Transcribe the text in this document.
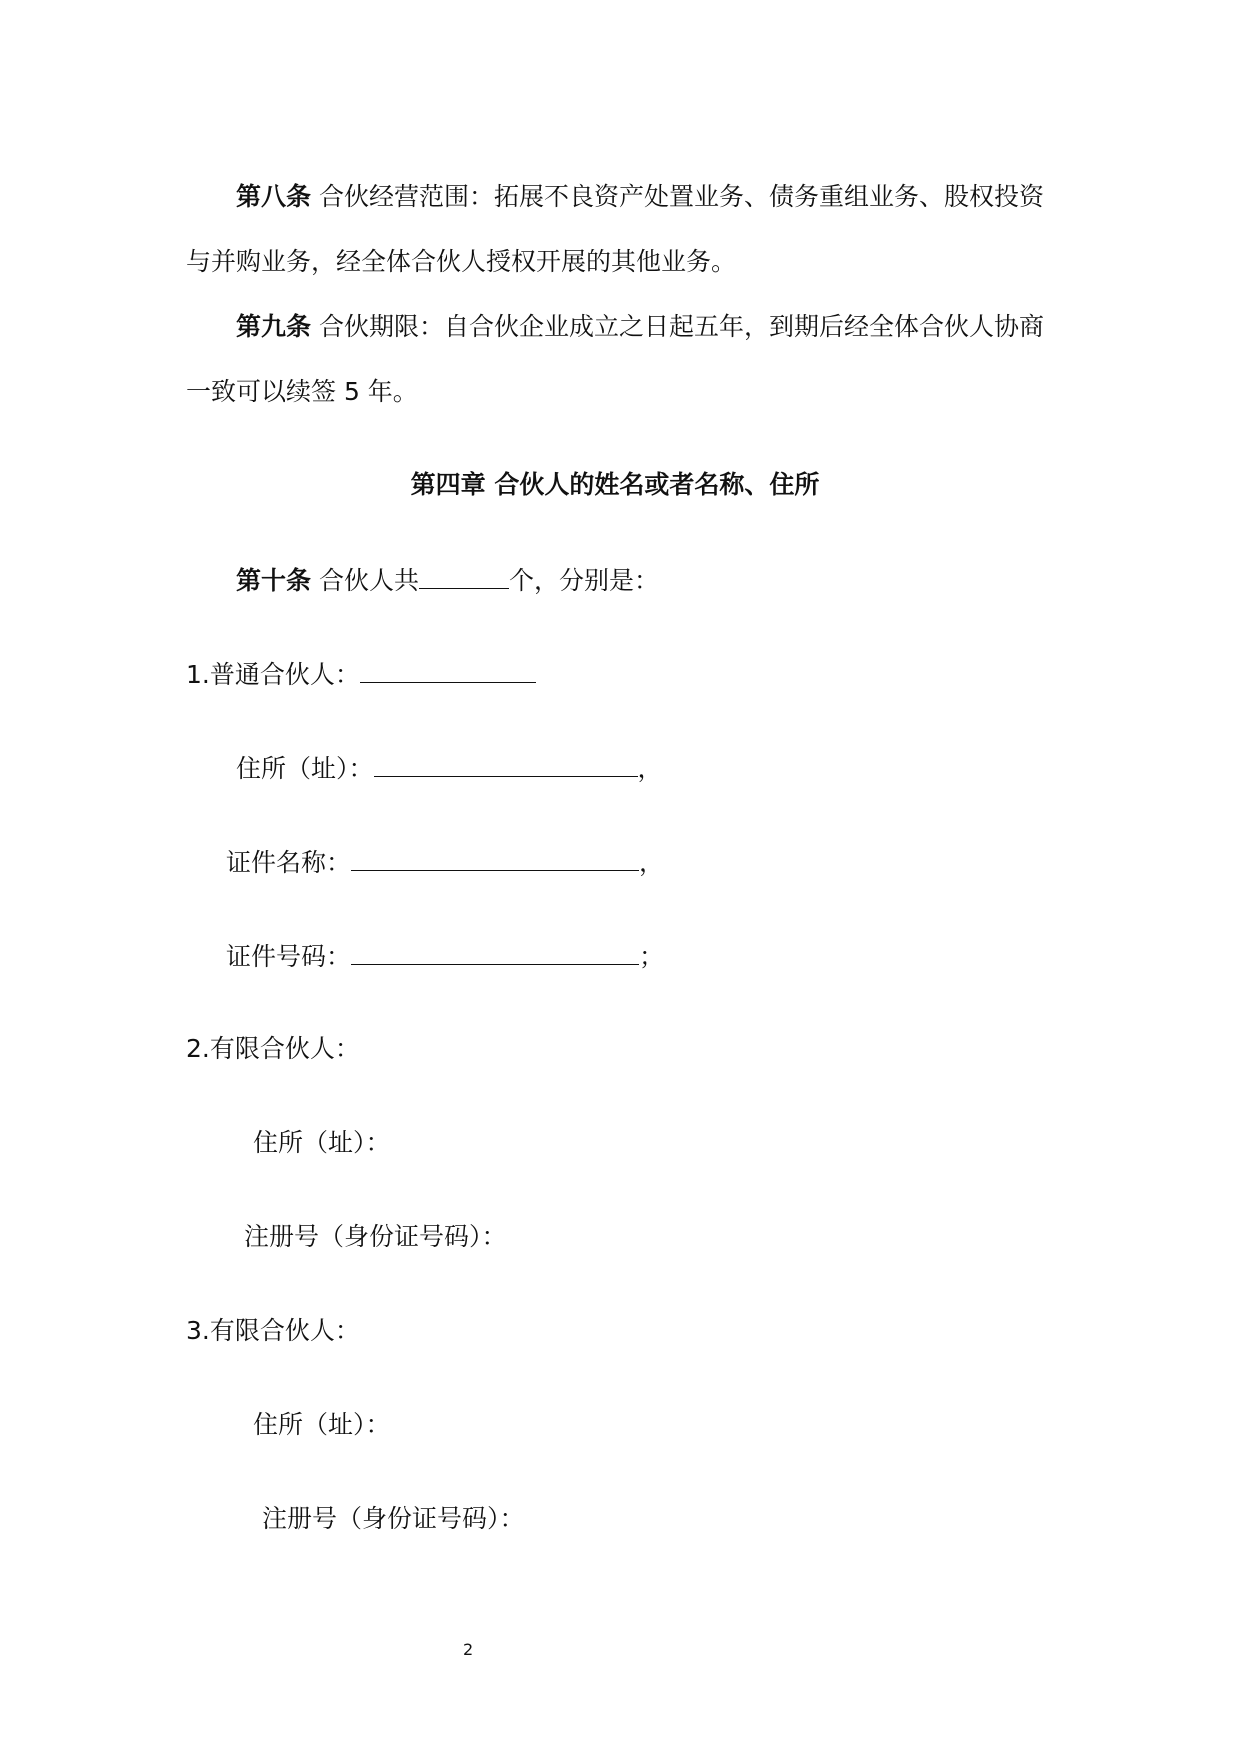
第八条 合伙经营范围：拓展不良资产处置业务、债务重组业务、股权投资
与并购业务，经全体合伙人授权开展的其他业务。
第九条 合伙期限：自合伙企业成立之日起五年，到期后经全体合伙人协商
一致可以续签 5 年。
第四章 合伙人的姓名或者名称、住所
第十条 合伙人共	个，分别是：
1.普通合伙人：
住所（址）：	，
证件名称：	，
证件号码：	；
2.有限合伙人：
住所（址）：
注册号（身份证号码）：
3.有限合伙人：
住所（址）：
注册号（身份证号码）：
2
